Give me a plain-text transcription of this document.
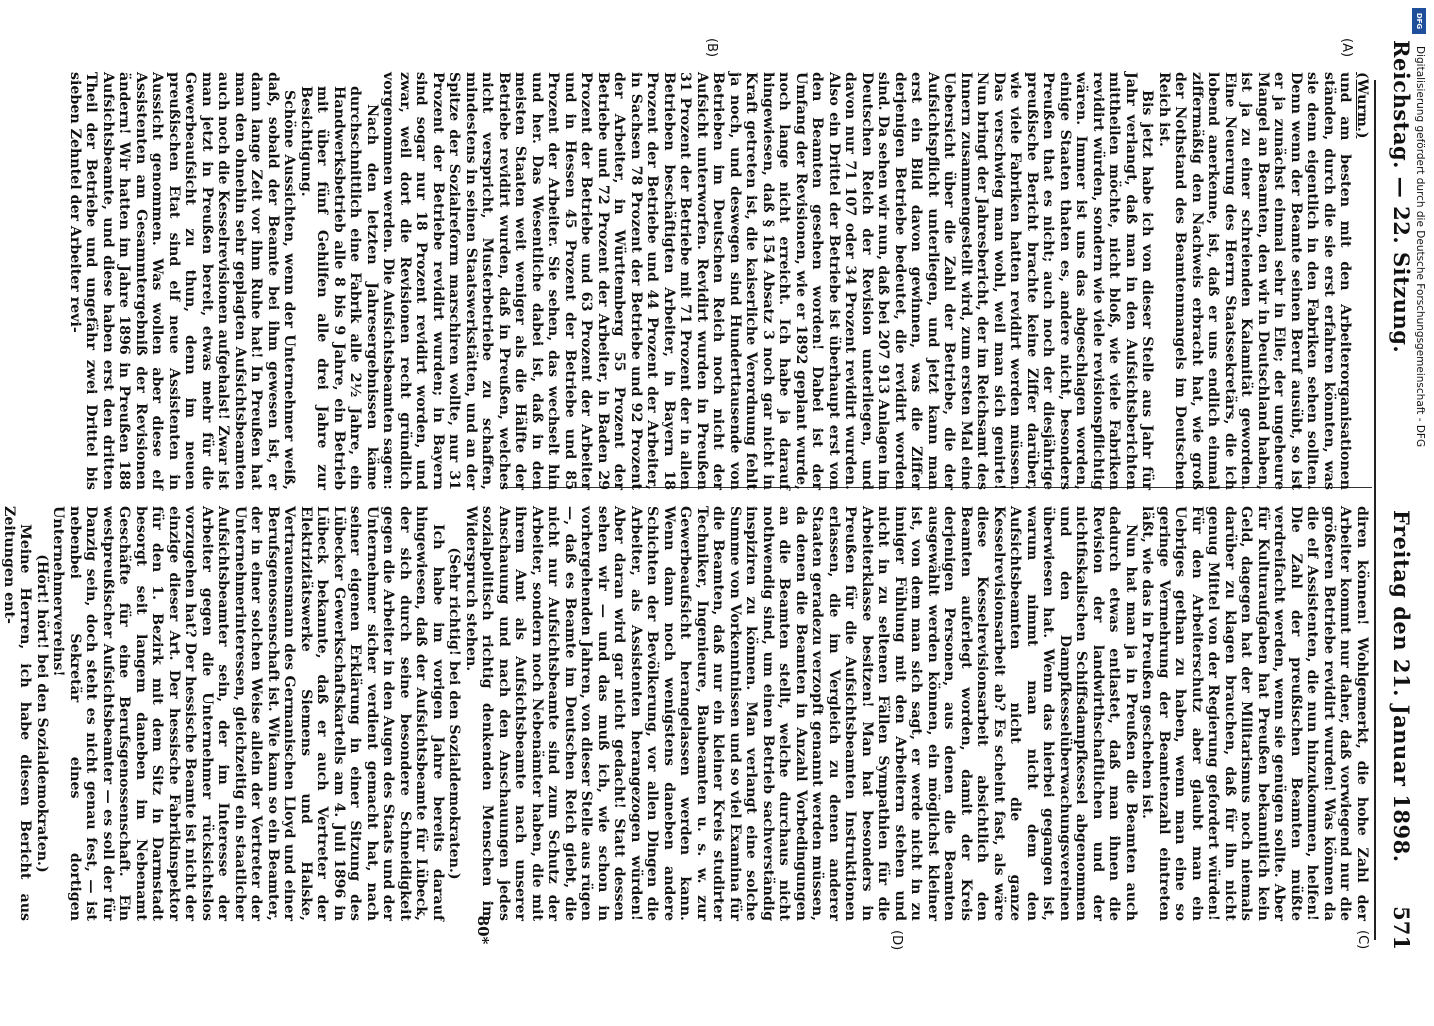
Reichstag. — 22. Sitzung.
Freitag den 21. Januar 1898.
571
(A)
(B)
(C)
(D)

(Wurm.)

und am besten mit den Arbeiterorganisationen ständen, durch die sie erst erfahren könnten, was sie denn eigentlich in den Fabriken sehen sollten. Denn wenn der Beamte seinen Beruf ausübt, so ist er ja zunächst einmal sehr in Eile; der ungeheure Mangel an Beamten, den wir in Deutschland haben, ist ja zu einer schreienden Kalamität geworden. Eine Neuerung des Herrn Staatssekretärs, die ich lobend anerkenne, ist, daß er uns endlich einmal ziffermäßig den Nachweis erbracht hat, wie groß der Nothstand des Beamtenmangels im Deutschen Reich ist.

Bis jetzt habe ich von dieser Stelle aus Jahr für Jahr verlangt, daß man in den Aufsichtsberichten mittheilen möchte, nicht bloß, wie viele Fabriken revidirt würden, sondern wie viele revisionspflichtig wären. Immer ist uns das abgeschlagen worden, einige Staaten thaten es, andere nicht, besonders Preußen that es nicht; auch noch der diesjährige preußische Bericht brachte keine Ziffer darüber, wie viele Fabriken hatten revidirt werden müssen. Das verschwieg man wohl, weil man sich genirte! Nun bringt der Jahresbericht, der im Reichsamt des Innern zusammengestellt wird, zum ersten Mal eine Uebersicht über die Zahl der Betriebe, die der Aufsichtspflicht unterliegen, und jetzt kann man erst ein Bild davon gewinnen, was die Ziffer derjenigen Betriebe bedeutet, die revidirt worden sind. Da sehen wir nun, daß bei 207 913 Anlagen im Deutschen Reich der Revision unterliegen, und davon nur 71 107 oder 34 Prozent revidirt wurden. Also ein Drittel der Betriebe ist überhaupt erst von den Beamten gesehen worden! Dabei ist der Umfang der Revisionen, wie er 1892 geplant wurde, noch lange nicht erreicht. Ich habe ja darauf hingewiesen, daß § 154 Absatz 3 noch gar nicht in Kraft getreten ist, die kaiserliche Verordnung fehlt ja noch, und deswegen sind Hunderttausende von Betrieben im Deutschen Reich noch nicht der Aufsicht unterworfen. Revidirt wurden in Preußen 31 Prozent der Betriebe mit 71 Prozent der in allen Betrieben beschäftigten Arbeiter, in Bayern 18 Prozent der Betriebe und 44 Prozent der Arbeiter, in Sachsen 78 Prozent der Betriebe und 92 Prozent der Arbeiter, in Württemberg 55 Prozent der Betriebe und 72 Prozent der Arbeiter, in Baden 29 Prozent der Betriebe und 63 Prozent der Arbeiter und in Hessen 45 Prozent der Betriebe und 85 Prozent der Arbeiter. Sie sehen, das wechselt hin und her. Das Wesentliche dabei ist, daß in den meisten Staaten weit weniger als die Hälfte der Betriebe revidirt wurden, daß in Preußen, welches nicht verspricht, Musterbetriebe zu schaffen, mindestens in seinen Staatswerkstätten, und an der Spitze der Sozialreform marschiren wollte, nur 31 Prozent der Betriebe revidirt wurden; in Bayern sind sogar nur 18 Prozent revidirt worden, und zwar, weil dort die Revisionen recht gründlich vorgenommen werden. Die Aufsichtsbeamten sagen:

Nach den letzten Jahresergebnissen käme durchschnittlich eine Fabrik alle 2½ Jahre, ein Handwerksbetrieb alle 8 bis 9 Jahre, ein Betrieb mit über fünf Gehilfen alle drei Jahre zur Besichtigung.

Schöne Aussichten, wenn der Unternehmer weiß, daß, sobald der Beamte bei ihm gewesen ist, er dann lange Zeit vor ihm Ruhe hat! In Preußen hat man den ohnehin sehr geplagten Aufsichtsbeamten auch noch die Kesselrevisionen aufgehalst! Zwar ist man jetzt in Preußen bereit, etwas mehr für die Gewerbeaufsicht zu thun, denn im neuen preußischen Etat sind elf neue Assistenten in Aussicht genommen. Was wollen aber diese elf Assistenten am Gesammtergebniß der Revisionen ändern! Wir hatten im Jahre 1896 in Preußen 188 Aufsichtsbeamte, und diese haben erst den dritten Theil der Betriebe und ungefähr zwei Drittel bis sieben Zehntel der Arbeiter revi-

diren können! Wohlgemerkt, die hohe Zahl der Arbeiter kommt nur daher, daß vorwiegend nur die größeren Betriebe revidirt wurden! Was können da die elf Assistenten, die nun hinzukommen, helfen! Die Zahl der preußischen Beamten müßte verdreifacht werden, wenn sie genügen sollte. Aber für Kulturaufgaben hat Preußen bekanntlich kein Geld, dagegen hat der Militarismus noch niemals darüber zu klagen brauchen, daß für ihn nicht genug Mittel von der Regierung gefordert würden! Für den Arbeiterschutz aber glaubt man ein Uebriges gethan zu haben, wenn man eine so geringe Vermehrung der Beamtenzahl eintreten läßt, wie das in Preußen geschehen ist.

Nun hat man ja in Preußen die Beamten auch dadurch etwas entlastet, daß man ihnen die Revision der landwirthschaftlichen und der nichtfiskalischen Schiffsdampfkessel abgenommen und den Dampfkesselüberwachungsvereinen überwiesen hat. Wenn das hierbei gegangen ist, warum nimmt man nicht dem den Aufsichtsbeamten nicht die ganze Kesselrevisionsarbeit ab? Es scheint fast, als wäre diese Kesselrevisionsarbeit absichtlich den Beamten auferlegt worden, damit der Kreis derjenigen Personen, aus denen die Beamten ausgewählt werden können, ein möglichst kleiner ist, von dem man sich sagt, er werde nicht in zu inniger Fühlung mit den Arbeitern stehen und nicht in zu seltenen Fällen Sympathien für die Arbeiterklasse besitzen! Man hat besonders in Preußen für die Aufsichtsbeamten Instruktionen erlassen, die im Vergleich zu denen anderer Staaten geradezu verzopft genannt werden müssen, da denen die Beamten in Anzahl Vorbedingungen an die Beamten stellt, welche durchaus nicht nothwendig sind, um einen Betrieb sachverständig inspiziren zu können. Man verlangt eine solche Summe von Vorkenntnissen und so viel Examina für die Beamten, daß nur ein kleiner Kreis studirter Techniker, Ingenieure, Baubeamten u. s. w. zur Gewerbeaufsicht herangelassen werden kann. Wenn dann noch wenigstens daneben andere Schichten der Bevölkerung, vor allen Dingen die Arbeiter, als Assistenten herangezogen würden! Aber daran wird gar nicht gedacht! Statt dessen sehen wir — und das muß ich, wie schon in vorhergehenden Jahren, von dieser Stelle aus rügen —, daß es Beamte im Deutschen Reich giebt, die nicht nur Aufsichtsbeamte sind zum Schutz der Arbeiter, sondern noch Nebenämter haben, die mit ihrem Amt als Aufsichtsbeamte nach unserer Anschauung und nach den Anschauungen jedes sozialpolitisch richtig denkenden Menschen im Widerspruch stehen.

(Sehr richtig! bei den Sozialdemokraten.)

Ich habe im vorigen Jahre bereits darauf hingewiesen, daß der Aufsichtsbeamte für Lübeck, der sich durch seine besondere Schneidigkeit gegen die Arbeiter in den Augen des Staats und der Unternehmer sicher verdient gemacht hat, nach seiner eigenen Erklärung in einer Sitzung des Lübecker Gewerkschaftskartells am 4. Juli 1896 in Lübeck bekannte, daß er auch Vertreter der Elektrizitätswerke Siemens und Halske, Vertrauensmann des Germanischen Lloyd und einer Berufsgenossenschaft ist. Wie kann so ein Beamter, der in einer solchen Weise allein der Vertreter der Unternehmerinteressen, gleichzeitig ein staatlicher Aufsichtsbeamter sein, der im Interesse der Arbeiter gegen die Unternehmer rücksichtslos vorzugehen hat? Der hessische Beamte ist nicht der einzige dieser Art. Der hessische Fabrikinspektor für den 1. Bezirk mit dem Sitz in Darmstadt besorgt seit langem daneben im Nebenamt Geschäfte für eine Berufsgenossenschaft. Ein westpreußischer Aufsichtsbeamter — es soll der für Danzig sein, doch steht es nicht genau fest, — ist nebenbei Sekretär eines dortigen Unternehmervereins!

(Hört! hört! bei den Sozialdemokraten.)

Meine Herren, ich habe diesen Bericht aus Zeitungen ent-

80*
DFG
Digitalisierung gefördert durch die Deutsche Forschungsgemeinschaft - DFG
